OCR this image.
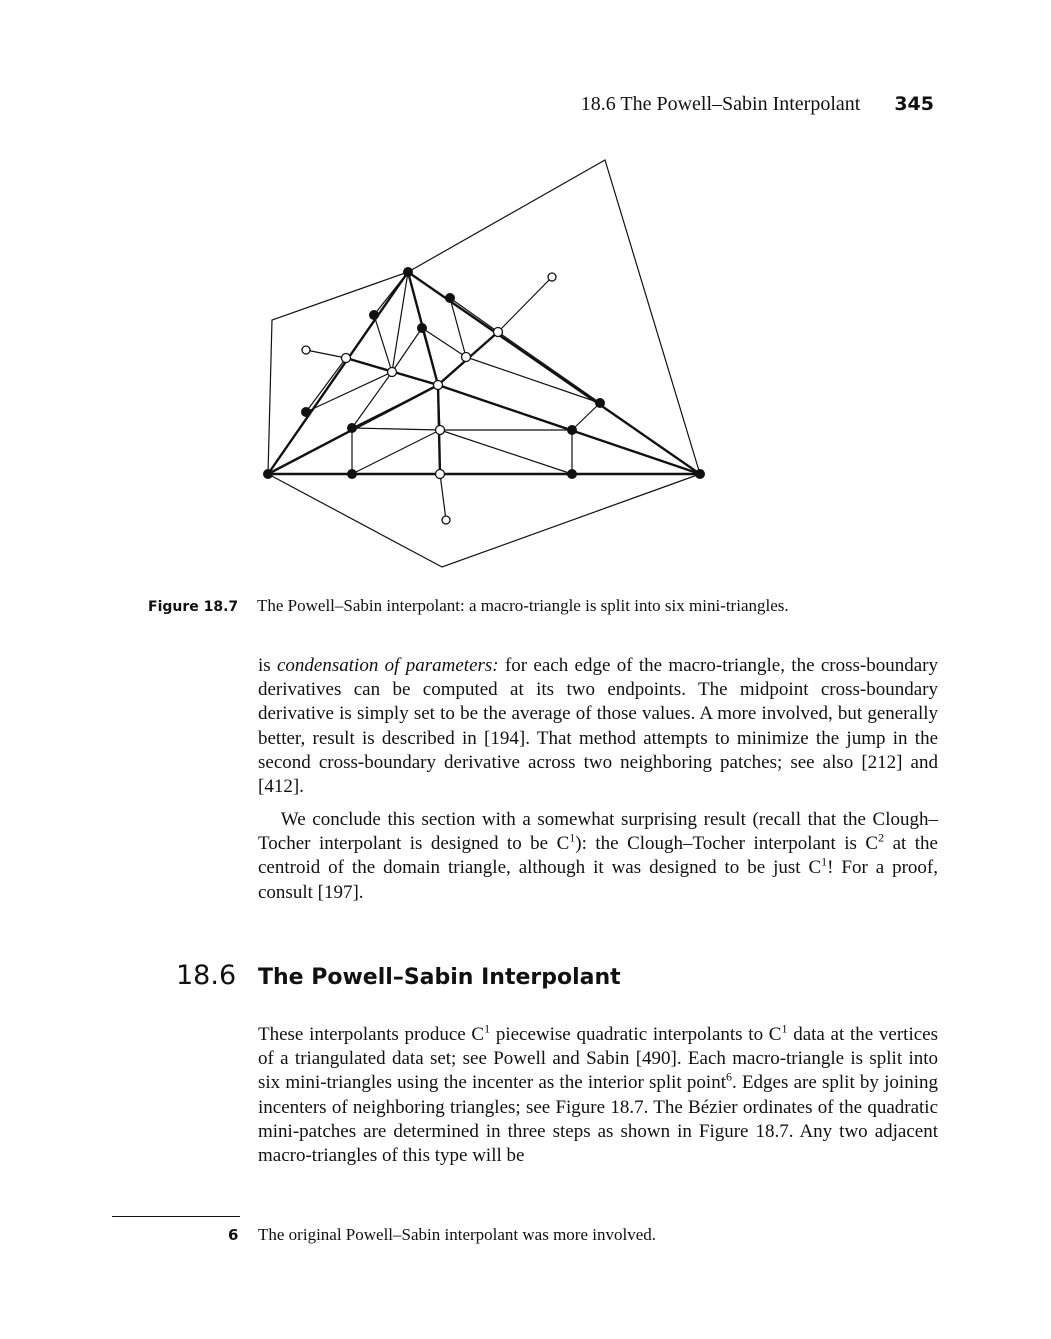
18.6 The Powell–Sabin Interpolant 345
Figure 18.7 The Powell–Sabin interpolant: a macro-triangle is split into six mini-triangles.

is condensation of parameters: for each edge of the macro-triangle, the cross-boundary derivatives can be computed at its two endpoints. The midpoint cross-boundary derivative is simply set to be the average of those values. A more involved, but generally better, result is described in [194]. That method attempts to minimize the jump in the second cross-boundary derivative across two neighboring patches; see also [212] and [412].

We conclude this section with a somewhat surprising result (recall that the Clough–Tocher interpolant is designed to be $C^1$): the Clough–Tocher interpolant is $C^2$ at the centroid of the domain triangle, although it was designed to be just $C^1$! For a proof, consult [197].

18.6 The Powell–Sabin Interpolant

These interpolants produce $C^1$ piecewise quadratic interpolants to $C^1$ data at the vertices of a triangulated data set; see Powell and Sabin [490]. Each macro-triangle is split into six mini-triangles using the incenter as the interior split point$^6$. Edges are split by joining incenters of neighboring triangles; see Figure 18.7. The Bézier ordinates of the quadratic mini-patches are determined in three steps as shown in Figure 18.7. Any two adjacent macro-triangles of this type will be

6 The original Powell–Sabin interpolant was more involved.
